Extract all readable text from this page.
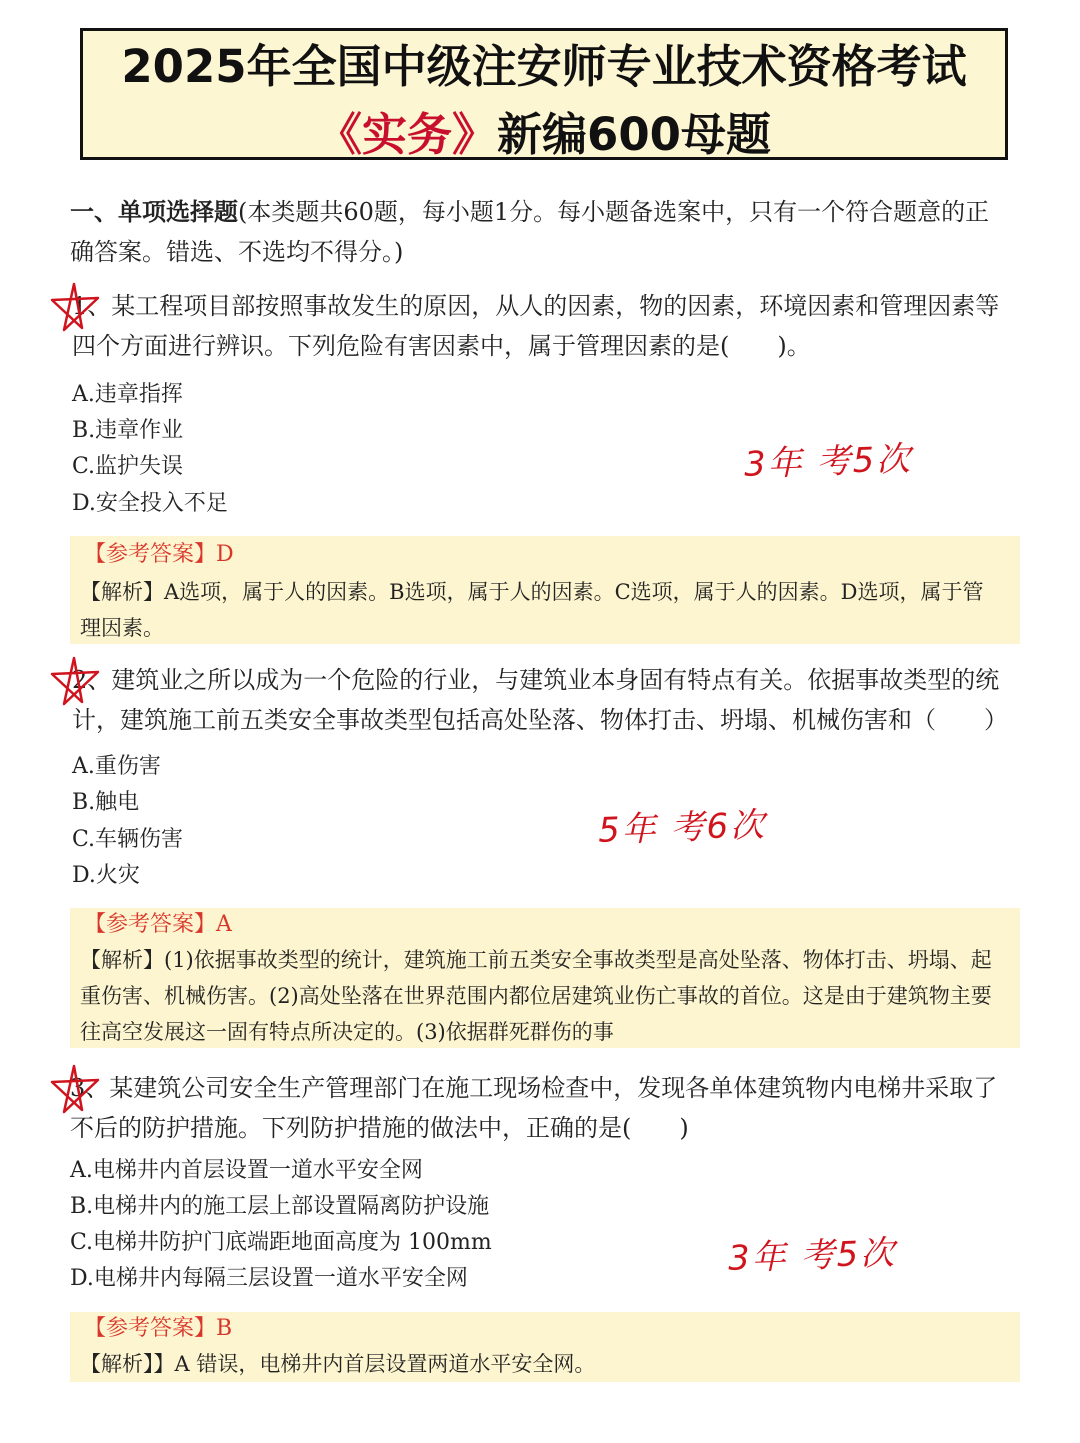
2025年全国中级注安师专业技术资格考试
《实务》新编600母题
一、单项选择题(本类题共60题，每小题1分。每小题备选案中，只有一个符合题意的正确答案。错选、不选均不得分。)
1、某工程项目部按照事故发生的原因，从人的因素，物的因素，环境因素和管理因素等四个方面进行辨识。下列危险有害因素中，属于管理因素的是(　　)。
A.违章指挥
B.违章作业
C.监护失误
D.安全投入不足
3年 考5次
【参考答案】D
【解析】A选项，属于人的因素。B选项，属于人的因素。C选项，属于人的因素。D选项，属于管理因素。
2、建筑业之所以成为一个危险的行业，与建筑业本身固有特点有关。依据事故类型的统计，建筑施工前五类安全事故类型包括高处坠落、物体打击、坍塌、机械伤害和（　　）
A.重伤害
B.触电
C.车辆伤害
D.火灾
5年 考6次
【参考答案】A
【解析】(1)依据事故类型的统计，建筑施工前五类安全事故类型是高处坠落、物体打击、坍塌、起重伤害、机械伤害。(2)高处坠落在世界范围内都位居建筑业伤亡事故的首位。这是由于建筑物主要往高空发展这一固有特点所决定的。(3)依据群死群伤的事
3、某建筑公司安全生产管理部门在施工现场检查中，发现各单体建筑物内电梯井采取了不后的防护措施。下列防护措施的做法中，正确的是(　　)
A.电梯井内首层设置一道水平安全网
B.电梯井内的施工层上部设置隔离防护设施
C.电梯井防护门底端距地面高度为 100mm
D.电梯井内每隔三层设置一道水平安全网	3年 考5次
【参考答案】B
【解析】】A 错误，电梯井内首层设置两道水平安全网。
